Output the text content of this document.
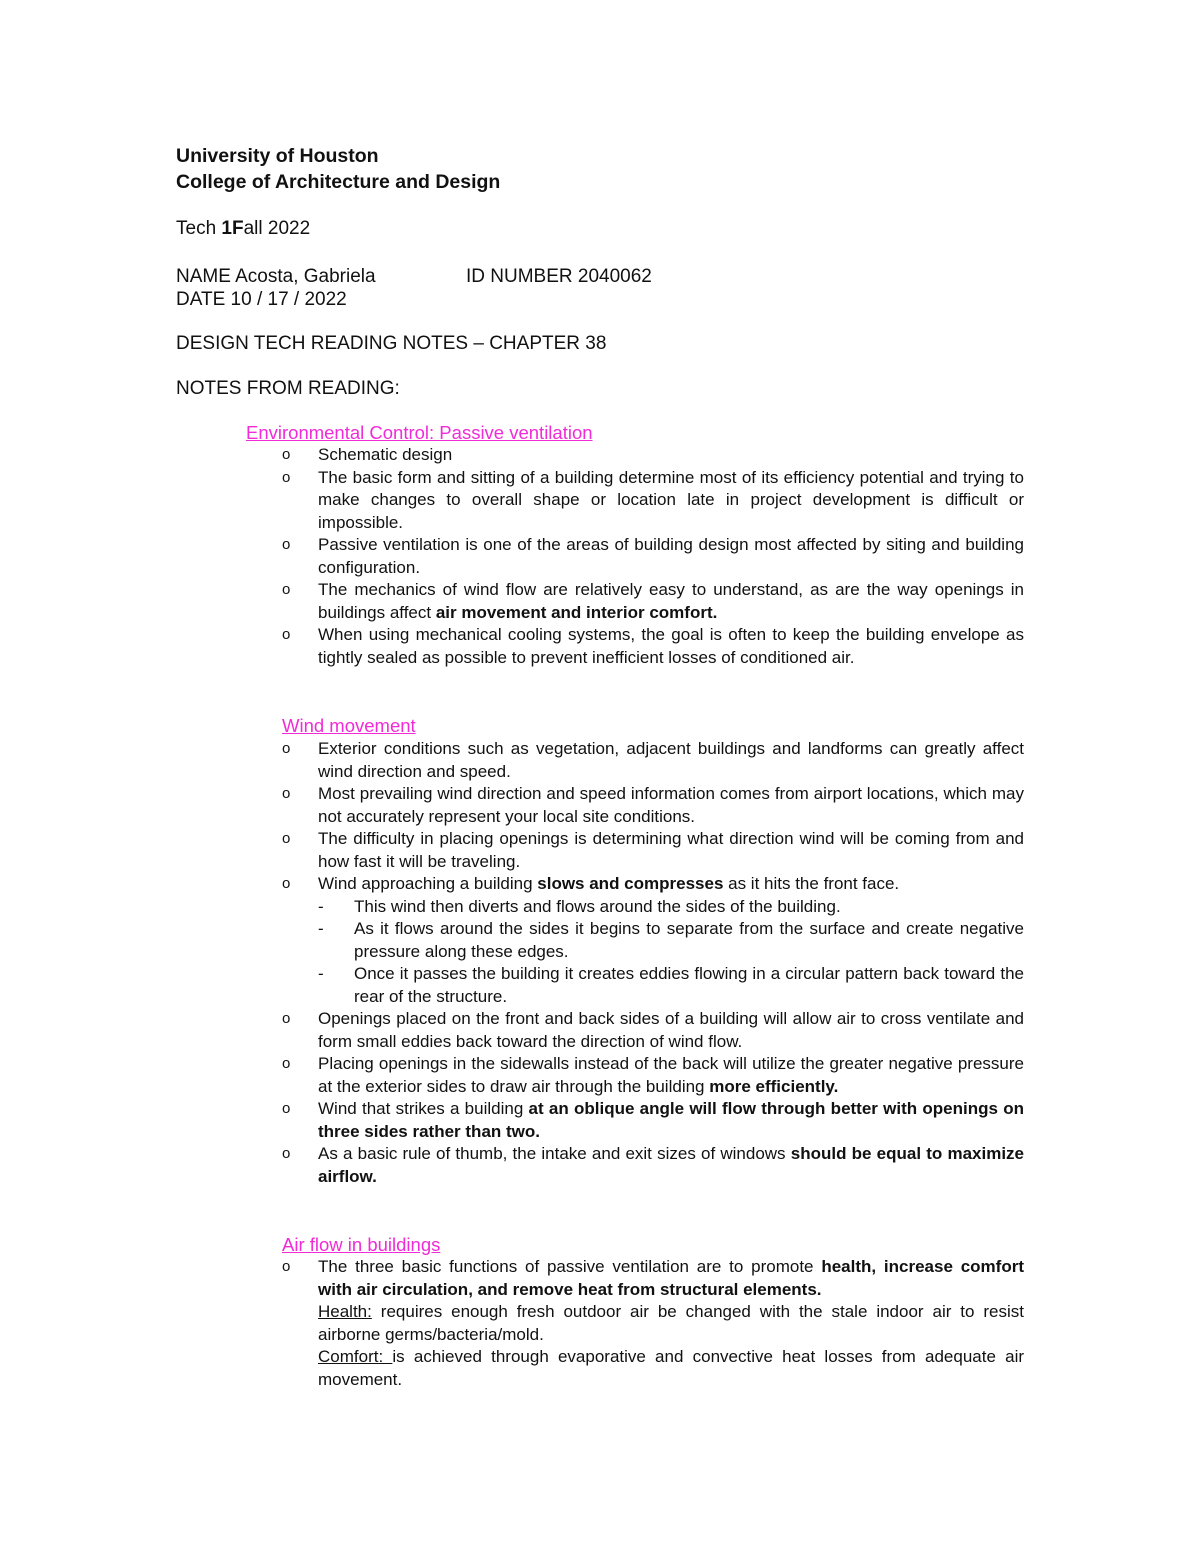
University of Houston
College of Architecture and Design
Tech 1Fall 2022
NAME Acosta, Gabriela	ID NUMBER 2040062
DATE 10 / 17 / 2022
DESIGN TECH READING NOTES – CHAPTER 38
NOTES FROM READING:
Environmental Control: Passive ventilation
o Schematic design
o The basic form and sitting of a building determine most of its efficiency potential and trying to make changes to overall shape or location late in project development is difficult or impossible.
o Passive ventilation is one of the areas of building design most affected by siting and building configuration.
o The mechanics of wind flow are relatively easy to understand, as are the way openings in buildings affect air movement and interior comfort.
o When using mechanical cooling systems, the goal is often to keep the building envelope as tightly sealed as possible to prevent inefficient losses of conditioned air.
Wind movement
o Exterior conditions such as vegetation, adjacent buildings and landforms can greatly affect wind direction and speed.
o Most prevailing wind direction and speed information comes from airport locations, which may not accurately represent your local site conditions.
o The difficulty in placing openings is determining what direction wind will be coming from and how fast it will be traveling.
o Wind approaching a building slows and compresses as it hits the front face.
- This wind then diverts and flows around the sides of the building.
- As it flows around the sides it begins to separate from the surface and create negative pressure along these edges.
- Once it passes the building it creates eddies flowing in a circular pattern back toward the rear of the structure.
o Openings placed on the front and back sides of a building will allow air to cross ventilate and form small eddies back toward the direction of wind flow.
o Placing openings in the sidewalls instead of the back will utilize the greater negative pressure at the exterior sides to draw air through the building more efficiently.
o Wind that strikes a building at an oblique angle will flow through better with openings on three sides rather than two.
o As a basic rule of thumb, the intake and exit sizes of windows should be equal to maximize airflow.
Air flow in buildings
o The three basic functions of passive ventilation are to promote health, increase comfort with air circulation, and remove heat from structural elements.
Health: requires enough fresh outdoor air be changed with the stale indoor air to resist airborne germs/bacteria/mold.
Comfort: is achieved through evaporative and convective heat losses from adequate air movement.
